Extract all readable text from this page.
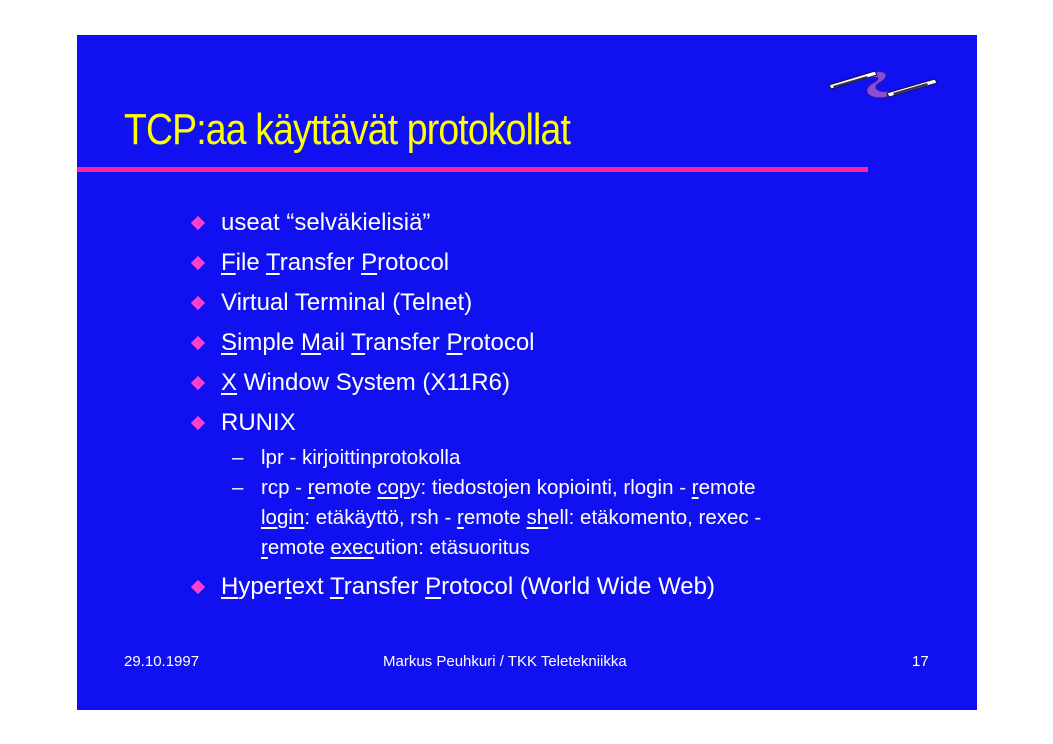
TCP:aa käyttävät protokollat
useat “selväkielisiä”
File Transfer Protocol
Virtual Terminal (Telnet)
Simple Mail Transfer Protocol
X Window System (X11R6)
RUNIX
– lpr - kirjoittinprotokolla
– rcp - remote copy: tiedostojen kopiointi, rlogin - remote
login: etäkäyttö, rsh - remote shell: etäkomento, rexec -
remote execution: etäsuoritus
Hypertext Transfer Protocol (World Wide Web)
29.10.1997	Markus Peuhkuri / TKK Teletekniikka	17
